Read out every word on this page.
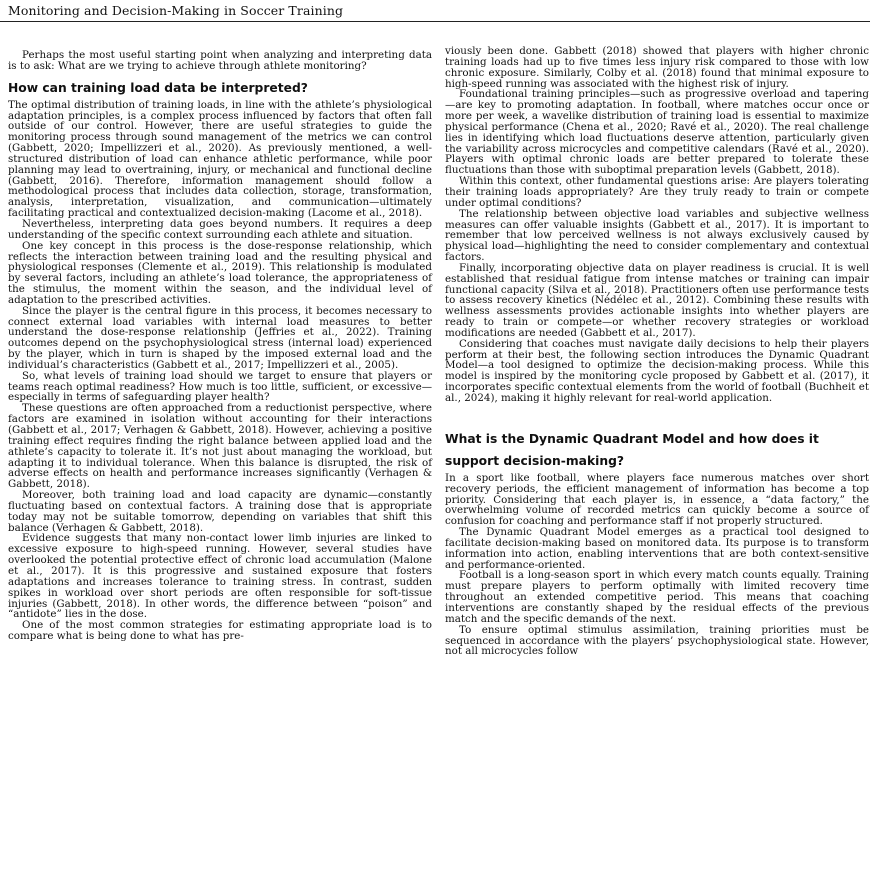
Monitoring and Decision-Making in Soccer Training

Perhaps the most useful starting point when analyzing and interpreting data is to ask: What are we trying to achieve through athlete monitoring?

How can training load data be interpreted?

The optimal distribution of training loads, in line with the athlete’s physiological adaptation principles, is a complex process influenced by factors that often fall outside of our control. However, there are useful strategies to guide the monitoring process through sound management of the metrics we can control (Gabbett, 2020; Impellizzeri et al., 2020). As previously mentioned, a well-structured distribution of load can enhance athletic performance, while poor planning may lead to overtraining, injury, or mechanical and functional decline (Gabbett, 2016). Therefore, information management should follow a methodological process that includes data collection, storage, transformation, analysis, interpretation, visualization, and communication—ultimately facilitating practical and contextualized decision-making (Lacome et al., 2018).

Nevertheless, interpreting data goes beyond numbers. It requires a deep understanding of the specific context surrounding each athlete and situation.

One key concept in this process is the dose-response relationship, which reflects the interaction between training load and the resulting physical and physiological responses (Clemente et al., 2019). This relationship is modulated by several factors, including an athlete’s load tolerance, the appropriateness of the stimulus, the moment within the season, and the individual level of adaptation to the prescribed activities.

Since the player is the central figure in this process, it becomes necessary to connect external load variables with internal load measures to better understand the dose-response relationship (Jeffries et al., 2022). Training outcomes depend on the psychophysiological stress (internal load) experienced by the player, which in turn is shaped by the imposed external load and the individual’s characteristics (Gabbett et al., 2017; Impellizzeri et al., 2005).

So, what levels of training load should we target to ensure that players or teams reach optimal readiness? How much is too little, sufficient, or excessive—especially in terms of safeguarding player health?

These questions are often approached from a reductionist perspective, where factors are examined in isolation without accounting for their interactions (Gabbett et al., 2017; Verhagen & Gabbett, 2018). However, achieving a positive training effect requires finding the right balance between applied load and the athlete’s capacity to tolerate it. It’s not just about managing the workload, but adapting it to individual tolerance. When this balance is disrupted, the risk of adverse effects on health and performance increases significantly (Verhagen & Gabbett, 2018).

Moreover, both training load and load capacity are dynamic—constantly fluctuating based on contextual factors. A training dose that is appropriate today may not be suitable tomorrow, depending on variables that shift this balance (Verhagen & Gabbett, 2018).

Evidence suggests that many non-contact lower limb injuries are linked to excessive exposure to high-speed running. However, several studies have overlooked the potential protective effect of chronic load accumulation (Malone et al., 2017). It is this progressive and sustained exposure that fosters adaptations and increases tolerance to training stress. In contrast, sudden spikes in workload over short periods are often responsible for soft-tissue injuries (Gabbett, 2018). In other words, the difference between “poison” and “antidote” lies in the dose.

One of the most common strategies for estimating appropriate load is to compare what is being done to what has pre-

viously been done. Gabbett (2018) showed that players with higher chronic training loads had up to five times less injury risk compared to those with low chronic exposure. Similarly, Colby et al. (2018) found that minimal exposure to high-speed running was associated with the highest risk of injury.

Foundational training principles—such as progressive overload and tapering—are key to promoting adaptation. In football, where matches occur once or more per week, a wavelike distribution of training load is essential to maximize physical performance (Chena et al., 2020; Ravé et al., 2020). The real challenge lies in identifying which load fluctuations deserve attention, particularly given the variability across microcycles and competitive calendars (Ravé et al., 2020). Players with optimal chronic loads are better prepared to tolerate these fluctuations than those with suboptimal preparation levels (Gabbett, 2018).

Within this context, other fundamental questions arise: Are players tolerating their training loads appropriately? Are they truly ready to train or compete under optimal conditions?

The relationship between objective load variables and subjective wellness measures can offer valuable insights (Gabbett et al., 2017). It is important to remember that low perceived wellness is not always exclusively caused by physical load—highlighting the need to consider complementary and contextual factors.

Finally, incorporating objective data on player readiness is crucial. It is well established that residual fatigue from intense matches or training can impair functional capacity (Silva et al., 2018). Practitioners often use performance tests to assess recovery kinetics (Nédélec et al., 2012). Combining these results with wellness assessments provides actionable insights into whether players are ready to train or compete—or whether recovery strategies or workload modifications are needed (Gabbett et al., 2017).

Considering that coaches must navigate daily decisions to help their players perform at their best, the following section introduces the Dynamic Quadrant Model—a tool designed to optimize the decision-making process. While this model is inspired by the monitoring cycle proposed by Gabbett et al. (2017), it incorporates specific contextual elements from the world of football (Buchheit et al., 2024), making it highly relevant for real-world application.

What is the Dynamic Quadrant Model and how does it support decision-making?

In a sport like football, where players face numerous matches over short recovery periods, the efficient management of information has become a top priority. Considering that each player is, in essence, a “data factory,” the overwhelming volume of recorded metrics can quickly become a source of confusion for coaching and performance staff if not properly structured.

The Dynamic Quadrant Model emerges as a practical tool designed to facilitate decision-making based on monitored data. Its purpose is to transform information into action, enabling interventions that are both context-sensitive and performance-oriented.

Football is a long-season sport in which every match counts equally. Training must prepare players to perform optimally with limited recovery time throughout an extended competitive period. This means that coaching interventions are constantly shaped by the residual effects of the previous match and the specific demands of the next.

To ensure optimal stimulus assimilation, training priorities must be sequenced in accordance with the players’ psychophysiological state. However, not all microcycles follow
